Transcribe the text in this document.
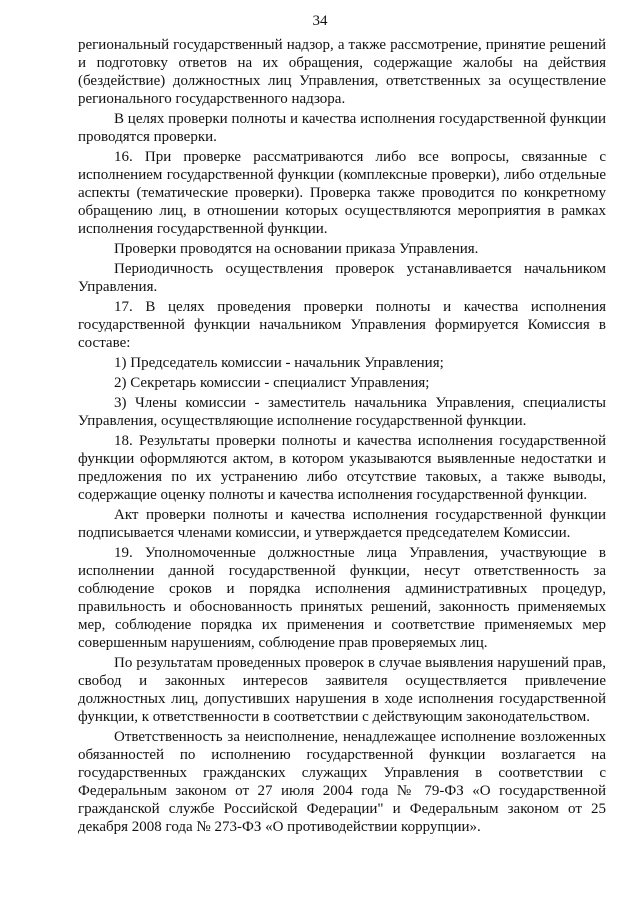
34

региональный государственный надзор, а также рассмотрение, принятие решений и подготовку ответов на их обращения, содержащие жалобы на действия (бездействие) должностных лиц Управления, ответственных за осуществление регионального государственного надзора.

В целях проверки полноты и качества исполнения государственной функции проводятся проверки.

16. При проверке рассматриваются либо все вопросы, связанные с исполнением государственной функции (комплексные проверки), либо отдельные аспекты (тематические проверки). Проверка также проводится по конкретному обращению лиц, в отношении которых осуществляются мероприятия в рамках исполнения государственной функции.

Проверки проводятся на основании приказа Управления.

Периодичность осуществления проверок устанавливается начальником Управления.

17. В целях проведения проверки полноты и качества исполнения государственной функции начальником Управления формируется Комиссия в составе:

1) Председатель комиссии - начальник Управления;

2) Секретарь комиссии - специалист Управления;

3) Члены комиссии - заместитель начальника Управления, специалисты Управления, осуществляющие исполнение государственной функции.

18. Результаты проверки полноты и качества исполнения государственной функции оформляются актом, в котором указываются выявленные недостатки и предложения по их устранению либо отсутствие таковых, а также выводы, содержащие оценку полноты и качества исполнения государственной функции.

Акт проверки полноты и качества исполнения государственной функции подписывается членами комиссии, и утверждается председателем Комиссии.

19. Уполномоченные должностные лица Управления, участвующие в исполнении данной государственной функции, несут ответственность за соблюдение сроков и порядка исполнения административных процедур, правильность и обоснованность принятых решений, законность применяемых мер, соблюдение порядка их применения и соответствие применяемых мер совершенным нарушениям, соблюдение прав проверяемых лиц.

По результатам проведенных проверок в случае выявления нарушений прав, свобод и законных интересов заявителя осуществляется привлечение должностных лиц, допустивших нарушения в ходе исполнения государственной функции, к ответственности в соответствии с действующим законодательством.

Ответственность за неисполнение, ненадлежащее исполнение возложенных обязанностей по исполнению государственной функции возлагается на государственных гражданских служащих Управления в соответствии с Федеральным законом от 27 июля 2004 года № 79-ФЗ «О государственной гражданской службе Российской Федерации" и Федеральным законом от 25 декабря 2008 года № 273-ФЗ «О противодействии коррупции».
